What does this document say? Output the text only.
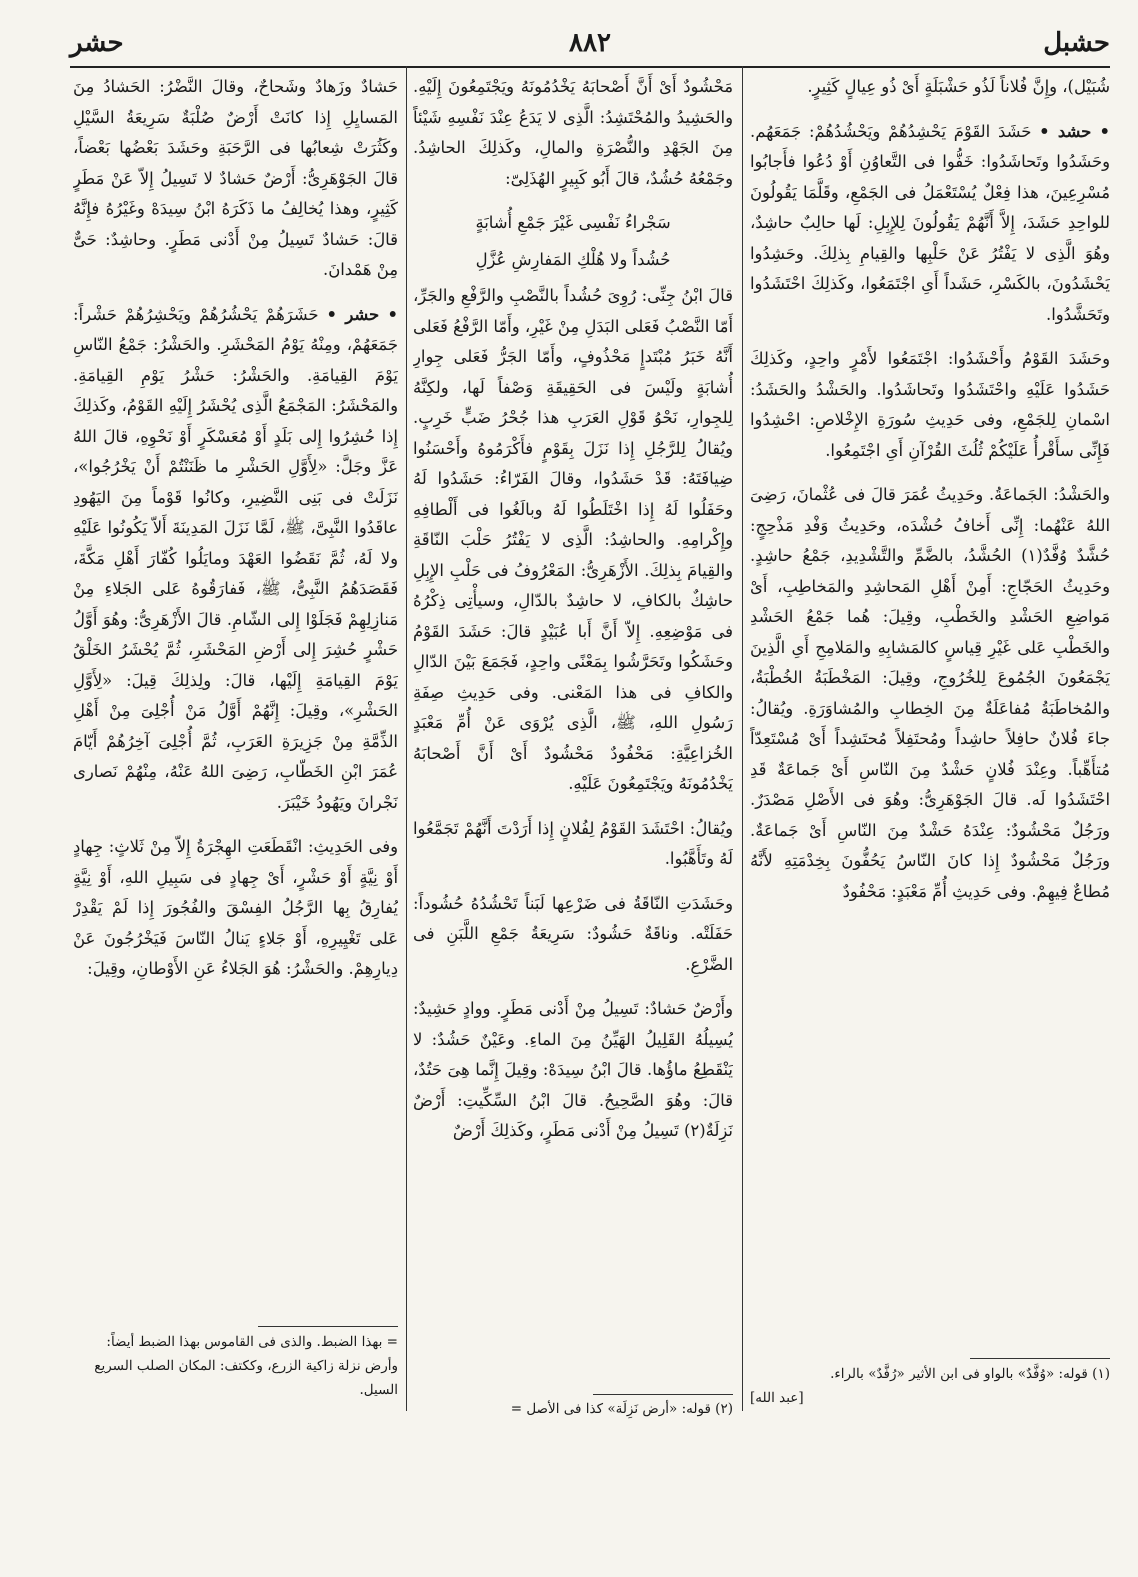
حشبل
٨٨٢
حشر

شُبَيْل)، وإِنَّ فُلاناً لَذُو حَشْبَلَةٍ أَىْ ذُو عِيالٍ كَثِيرٍ.

• حشد • حَشَدَ القَوْمَ يَحْشِدُهُمْ ويَحْشُدُهُمْ: جَمَعَهُم. وحَشَدُوا وتَحاشَدُوا: خَفُّوا فى التَّعاوُنِ أَوْ دُعُوا فأَجابُوا مُسْرِعِينَ، هذا فِعْلٌ يُسْتَعْمَلُ فى الجَمْعِ، وقَلَّمَا يَقُولُونَ للواحِدِ حَشَدَ، إِلاَّ أَنَّهُمْ يَقُولُونَ لِلإِبِلِ: لَها حالِبٌ حاشِدٌ، وهُوَ الَّذِى لا يَفْتُرُ عَنْ حَلْبِها والقِيامِ بِذلِكَ. وحَشِدُوا يَحْشَدُونَ، بالكَسْرِ، حَشَداً أَىِ اجْتَمَعُوا، وكَذلِكَ احْتَشَدُوا وتَحَشَّدُوا.

وحَشَدَ القَوْمُ وأَحْشَدُوا: اجْتَمَعُوا لأَمْرٍ واحِدٍ، وكَذلِكَ حَشَدُوا عَلَيْهِ واحْتَشَدُوا وتَحاشَدُوا. والحَشْدُ والحَشَدُ: اسْمانِ لِلجَمْعِ، وفى حَدِيثِ سُورَةِ الإِخْلاصِ: احْشِدُوا فَإِنِّى سأَقْرأُ عَلَيْكُمْ ثُلُثَ القُرْآنِ أَىِ اجْتَمِعُوا.

والحَشْدُ: الجَماعَةُ. وحَدِيثُ عُمَرَ قالَ فى عُثْمانَ، رَضِىَ اللهُ عَنْهُما: إِنِّى أَخافُ حُشْدَه، وحَدِيثُ وَفْدِ مَذْحِجٍ: حُشَّدٌ وُفَّدٌ(١) الحُشَّدُ، بالضَّمِّ والتَّشْدِيدِ، جَمْعُ حاشِدٍ. وحَدِيثُ الحَجّاجِ: أَمِنْ أَهْلِ المَحاشِدِ والمَخاطِبِ، أَىْ مَواضِعِ الحَشْدِ والخَطْبِ، وقِيلَ: هُما جَمْعُ الحَشْدِ والخَطْبِ عَلى غَيْرِ قِياسٍ كالمَشابِهِ والمَلامِحِ أَىِ الَّذِينَ يَجْمَعُونَ الجُمُوعَ لِلخُرُوجِ، وقِيلَ: المَخْطَبَةُ الخُطْبَةُ، والمُخاطَبَةُ مُفاعَلَةٌ مِنَ الخِطابِ والمُشاوَرَةِ. ويُقالُ: جاءَ فُلانٌ حافِلاً حاشِداً ومُحتَفِلاً مُحتَشِداً أَىْ مُسْتَعِدّاً مُتأَهِّباً. وعِنْدَ فُلانٍ حَشْدٌ مِنَ النّاسِ أَىْ جَماعَةٌ قَدِ احْتَشَدُوا لَه. قالَ الجَوْهَرِىُّ: وهُوَ فى الأَصْلِ مَصْدَرٌ. ورَجُلٌ مَحْشُودٌ: عِنْدَهُ حَشْدٌ مِنَ النّاسِ أَىْ جَماعَةٌ. ورَجُلٌ مَحْشُودٌ إِذا كانَ النّاسُ يَحُفُّونَ بِخِدْمَتِهِ لأَنَّهُ مُطاعٌ فِيهِمْ. وفى حَدِيثِ أُمِّ مَعْبَدٍ: مَحْفُودٌ

مَحْشُودٌ أَىْ أَنَّ أَصْحابَهُ يَخْدُمُونَهُ ويَجْتَمِعُونَ إِلَيْهِ. والحَشِيدُ والمُحْتَشِدُ: الَّذِى لا يَدَعُ عِنْدَ نَفْسِهِ شَيْئاً مِنَ الجَهْدِ والنُّصْرَةِ والمالِ، وكَذلِكَ الحاشِدُ. وجَمْعُهُ حُشُدٌ، قالَ أَبُو كَبِيرٍ الهُذَلِىّ:

سَجْراءُ نَفْسِى غَيْرَ جَمْعِ أُشابَةٍ
حُشُداً ولا هُلْكِ المَفارِشِ عُزَّلِ

قالَ ابْنُ جِنِّى: رُوِىَ حُشُداً بالنَّصْبِ والرَّفْعِ والجَرِّ، أَمّا النَّصْبُ فَعَلى البَدَلِ مِنْ غَيْرِ، وأَمّا الرَّفْعُ فَعَلى أَنَّهُ خَبَرُ مُبْتَدإٍ مَحْذُوفٍ، وأَمّا الجَرُّ فَعَلى جِوارِ أُشابَةٍ ولَيْسَ فى الحَقِيقَةِ وَصْفاً لَها، ولكِنَّهُ لِلجِوارِ، نَحْوُ قَوْلِ العَرَبِ هذا جُحْرُ ضَبٍّ خَرِبٍ. ويُقالُ لِلرَّجُلِ إِذا نَزَلَ بِقَوْمٍ فأَكْرَمُوهُ وأَحْسَنُوا ضِيافَتَهُ: قَدْ حَشَدُوا، وقالَ الفَرّاءُ: حَشَدُوا لَهُ وحَفَلُوا لَهُ إِذا اخْتَلَطُوا لَهُ وبالَغُوا فى أَلْطافِهِ وإِكْرامِهِ. والحاشِدُ: الَّذِى لا يَفْتُرُ حَلْبَ النّاقَةِ والقِيامَ بِذلِكَ. الأَزْهَرِىُّ: المَعْرُوفُ فى حَلْبِ الإِبِلِ حاشِكٌ بالكافِ، لا حاشِدٌ بالدّالِ، وسيأْتِى ذِكْرُهُ فى مَوْضِعِهِ. إِلاّ أَنَّ أَبا عُبَيْدٍ قالَ: حَشَدَ القَوْمُ وحَشَكُوا وتَحَرَّشُوا بِمَعْنًى واحِدٍ، فَجَمَعَ بَيْنَ الدّالِ والكافِ فى هذا المَعْنى. وفى حَدِيثِ صِفَةِ رَسُولِ اللهِ، ﷺ، الَّذِى يُرْوَى عَنْ أُمِّ مَعْبَدٍ الخُزاعِيَّةِ: مَحْفُودٌ مَحْشُودٌ أَىْ أَنَّ أَصْحابَهُ يَخْدُمُونَهُ ويَجْتَمِعُونَ عَلَيْهِ.

ويُقالُ: احْتَشَدَ القَوْمُ لِفُلانٍ إِذا أَرَدْتَ أَنَّهُمْ تَجَمَّعُوا لَهُ وتَأَهَّبُوا.

وحَشَدَتِ النّاقَةُ فى ضَرْعِها لَبَناً تَحْشُدُهُ حُشُوداً: حَفَلَتْه. وناقَةٌ حَشُودٌ: سَرِيعَةُ جَمْعِ اللَّبَنِ فى الضَّرْعِ.

وأَرْضٌ حَشادٌ: تَسِيلُ مِنْ أَدْنى مَطَرٍ. ووادٍ حَشِيدٌ: يُسِيلُهُ القَلِيلُ الهَيِّنُ مِنَ الماءِ. وعَيْنٌ حَشُدٌ: لا يَنْقَطِعُ ماؤُها. قالَ ابْنُ سِيدَهْ: وقِيلَ إِنَّما هِىَ حَتُدٌ، قالَ: وهُوَ الصَّحِيحُ. قالَ ابْنُ السِّكِّيتِ: أَرْضٌ نَزِلَةٌ(٢) تَسِيلُ مِنْ أَدْنى مَطَرٍ، وكَذلِكَ أَرْضٌ

حَشادٌ وزَهادٌ وشَحاحٌ، وقالَ النَّضْرُ: الحَشادُ مِنَ المَسايِلِ إِذا كانَتْ أَرْضٌ صُلْبَةٌ سَرِيعَةُ السَّيْلِ وكَثُرَتْ شِعابُها فى الرَّحَبَةِ وحَشَدَ بَعْضُها بَعْضاً، قالَ الجَوْهَرِىُّ: أَرْضٌ حَشادٌ لا تَسِيلُ إِلاّ عَنْ مَطَرٍ كَثِيرٍ، وهذا يُخالِفُ ما ذَكَرَهُ ابْنُ سِيدَهْ وغَيْرُهُ فإِنَّهُ قالَ: حَشادٌ تَسِيلُ مِنْ أَدْنى مَطَرٍ. وحاشِدٌ: حَىٌّ مِنْ هَمْدانَ.

• حشر • حَشَرَهُمْ يَحْشُرُهُمْ ويَحْشِرُهُمْ حَشْراً: جَمَعَهُمْ، ومِنْهُ يَوْمُ المَحْشَرِ. والحَشْرُ: جَمْعُ النّاسِ يَوْمَ القِيامَةِ. والحَشْرُ: حَشْرُ يَوْمِ القِيامَةِ. والمَحْشَرُ: المَجْمَعُ الَّذِى يُحْشَرُ إِلَيْهِ القَوْمُ، وكَذلِكَ إِذا حُشِرُوا إِلى بَلَدٍ أَوْ مُعَسْكَرٍ أَوْ نَحْوِهِ، قالَ اللهُ عَزَّ وجَلَّ: «لِأَوَّلِ الحَشْرِ ما ظَنَنْتُمْ أَنْ يَخْرُجُوا»، نَزَلَتْ فى بَنِى النَّضِيرِ، وكانُوا قَوْماً مِنَ اليَهُودِ عاقَدُوا النَّبِىَّ، ﷺ، لَمَّا نَزَلَ المَدِينَةَ أَلاّ يَكُونُوا عَلَيْهِ ولا لَهُ، ثُمَّ نَقَضُوا العَهْدَ ومايَلُوا كُفّارَ أَهْلِ مَكَّةَ، فَقَصَدَهُمُ النَّبِىُّ، ﷺ، فَفارَقُوهُ عَلى الجَلاءِ مِنْ مَنازِلِهِمْ فَجَلَوْا إِلى الشّامِ. قالَ الأَزْهَرِىُّ: وهُوَ أَوَّلُ حَشْرٍ حُشِرَ إِلى أَرْضِ المَحْشَرِ، ثُمَّ يُحْشَرُ الخَلْقُ يَوْمَ القِيامَةِ إِلَيْها، قالَ: ولِذلِكَ قِيلَ: «لِأَوَّلِ الحَشْرِ»، وقِيلَ: إِنَّهُمْ أَوَّلُ مَنْ أُجْلِىَ مِنْ أَهْلِ الذِّمَّةِ مِنْ جَزِيرَةِ العَرَبِ، ثُمَّ أُجْلِىَ آخِرُهُمْ أَيّامَ عُمَرَ ابْنِ الخَطّابِ، رَضِىَ اللهُ عَنْهُ، مِنْهُمْ نَصارى نَجْرانَ ويَهُودُ خَيْبَرَ.

وفى الحَدِيثِ: انْقَطَعَتِ الهِجْرَةُ إِلاّ مِنْ ثَلاثٍ: جِهادٍ أَوْ نِيَّةٍ أَوْ حَشْرٍ، أَىْ جِهادٍ فى سَبِيلِ اللهِ، أَوْ نِيَّةٍ يُفارِقُ بِها الرَّجُلُ الفِسْقَ والفُجُورَ إِذا لَمْ يَقْدِرْ عَلى تَغْيِيرِهِ، أَوْ جَلاءٍ يَنالُ النّاسَ فَيَخْرُجُونَ عَنْ دِيارِهِمْ. والحَشْرُ: هُوَ الجَلاءُ عَنِ الأَوْطانِ، وقِيلَ:

(١) قوله: «وُفَّدٌ» بالواو فى ابن الأثير «رُفَّدٌ» بالراء.
[عبد الله]
(٢) قوله: «أرض نَزِلَة» كذا فى الأصل =
= بهذا الضبط. والذى فى القاموس بهذا الضبط أيضاً: وأرض نزلة زاكية الزرع، وككتف: المكان الصلب السريع السيل.
